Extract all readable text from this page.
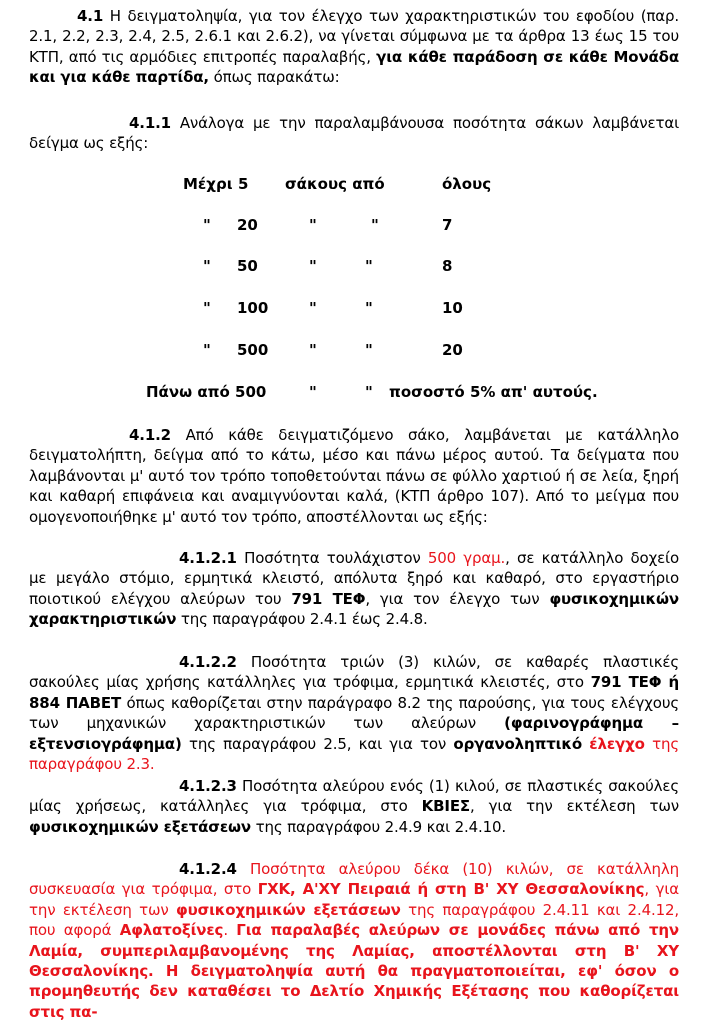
4.1 Η δειγματοληψία, για τον έλεγχο των χαρακτηριστικών του εφοδίου (παρ. 2.1, 2.2, 2.3, 2.4, 2.5, 2.6.1 και 2.6.2), να γίνεται σύμφωνα με τα άρθρα 13 έως 15 του ΚΤΠ, από τις αρμόδιες επιτροπές παραλαβής, για κάθε παράδοση σε κάθε Μονάδα και για κάθε παρτίδα, όπως παρακάτω:

4.1.1 Ανάλογα με την παραλαμβάνουσα ποσότητα σάκων λαμβάνεται δείγμα ως εξής:

Μέχρι 5 σάκους από	όλους
" 20	"	"	7
" 50	"	"	8
" 100	"	"	10
" 500	"	"	20
Πάνω από 500	"	" ποσοστό 5% απ' αυτούς.

4.1.2 Από κάθε δειγματιζόμενο σάκο, λαμβάνεται με κατάλληλο δειγματολήπτη, δείγμα από το κάτω, μέσο και πάνω μέρος αυτού. Τα δείγματα που λαμβάνονται μ' αυτό τον τρόπο τοποθετούνται πάνω σε φύλλο χαρτιού ή σε λεία, ξηρή και καθαρή επιφάνεια και αναμιγνύονται καλά, (ΚΤΠ άρθρο 107). Από το μείγμα που ομογενοποιήθηκε μ' αυτό τον τρόπο, αποστέλλονται ως εξής:

4.1.2.1 Ποσότητα τουλάχιστον 500 γραμ., σε κατάλληλο δοχείο με μεγάλο στόμιο, ερμητικά κλειστό, απόλυτα ξηρό και καθαρό, στο εργαστήριο ποιοτικού ελέγχου αλεύρων του 791 ΤΕΦ, για τον έλεγχο των φυσικοχημικών χαρακτηριστικών της παραγράφου 2.4.1 έως 2.4.8.

4.1.2.2 Ποσότητα τριών (3) κιλών, σε καθαρές πλαστικές σακούλες μίας χρήσης κατάλληλες για τρόφιμα, ερμητικά κλειστές, στο 791 ΤΕΦ ή 884 ΠΑΒΕΤ όπως καθορίζεται στην παράγραφο 8.2 της παρούσης, για τους ελέγχους των μηχανικών χαρακτηριστικών των αλεύρων (φαρινογράφημα – εξτενσιογράφημα) της παραγράφου 2.5, και για τον οργανοληπτικό έλεγχο της παραγράφου 2.3.

4.1.2.3 Ποσότητα αλεύρου ενός (1) κιλού, σε πλαστικές σακούλες μίας χρήσεως, κατάλληλες για τρόφιμα, στο ΚΒΙΕΣ, για την εκτέλεση των φυσικοχημικών εξετάσεων της παραγράφου 2.4.9 και 2.4.10.

4.1.2.4 Ποσότητα αλεύρου δέκα (10) κιλών, σε κατάλληλη συσκευασία για τρόφιμα, στο ΓΧΚ, Α'ΧΥ Πειραιά ή στη Β' ΧΥ Θεσσαλονίκης, για την εκτέλεση των φυσικοχημικών εξετάσεων της παραγράφου 2.4.11 και 2.4.12, που αφορά Αφλατοξίνες. Για παραλαβές αλεύρων σε μονάδες πάνω από την Λαμία, συμπεριλαμβανομένης της Λαμίας, αποστέλλονται στη Β' ΧΥ Θεσσαλονίκης. Η δειγματοληψία αυτή θα πραγματοποιείται, εφ' όσον ο προμηθευτής δεν καταθέσει το Δελτίο Χημικής Εξέτασης που καθορίζεται στις πα-
